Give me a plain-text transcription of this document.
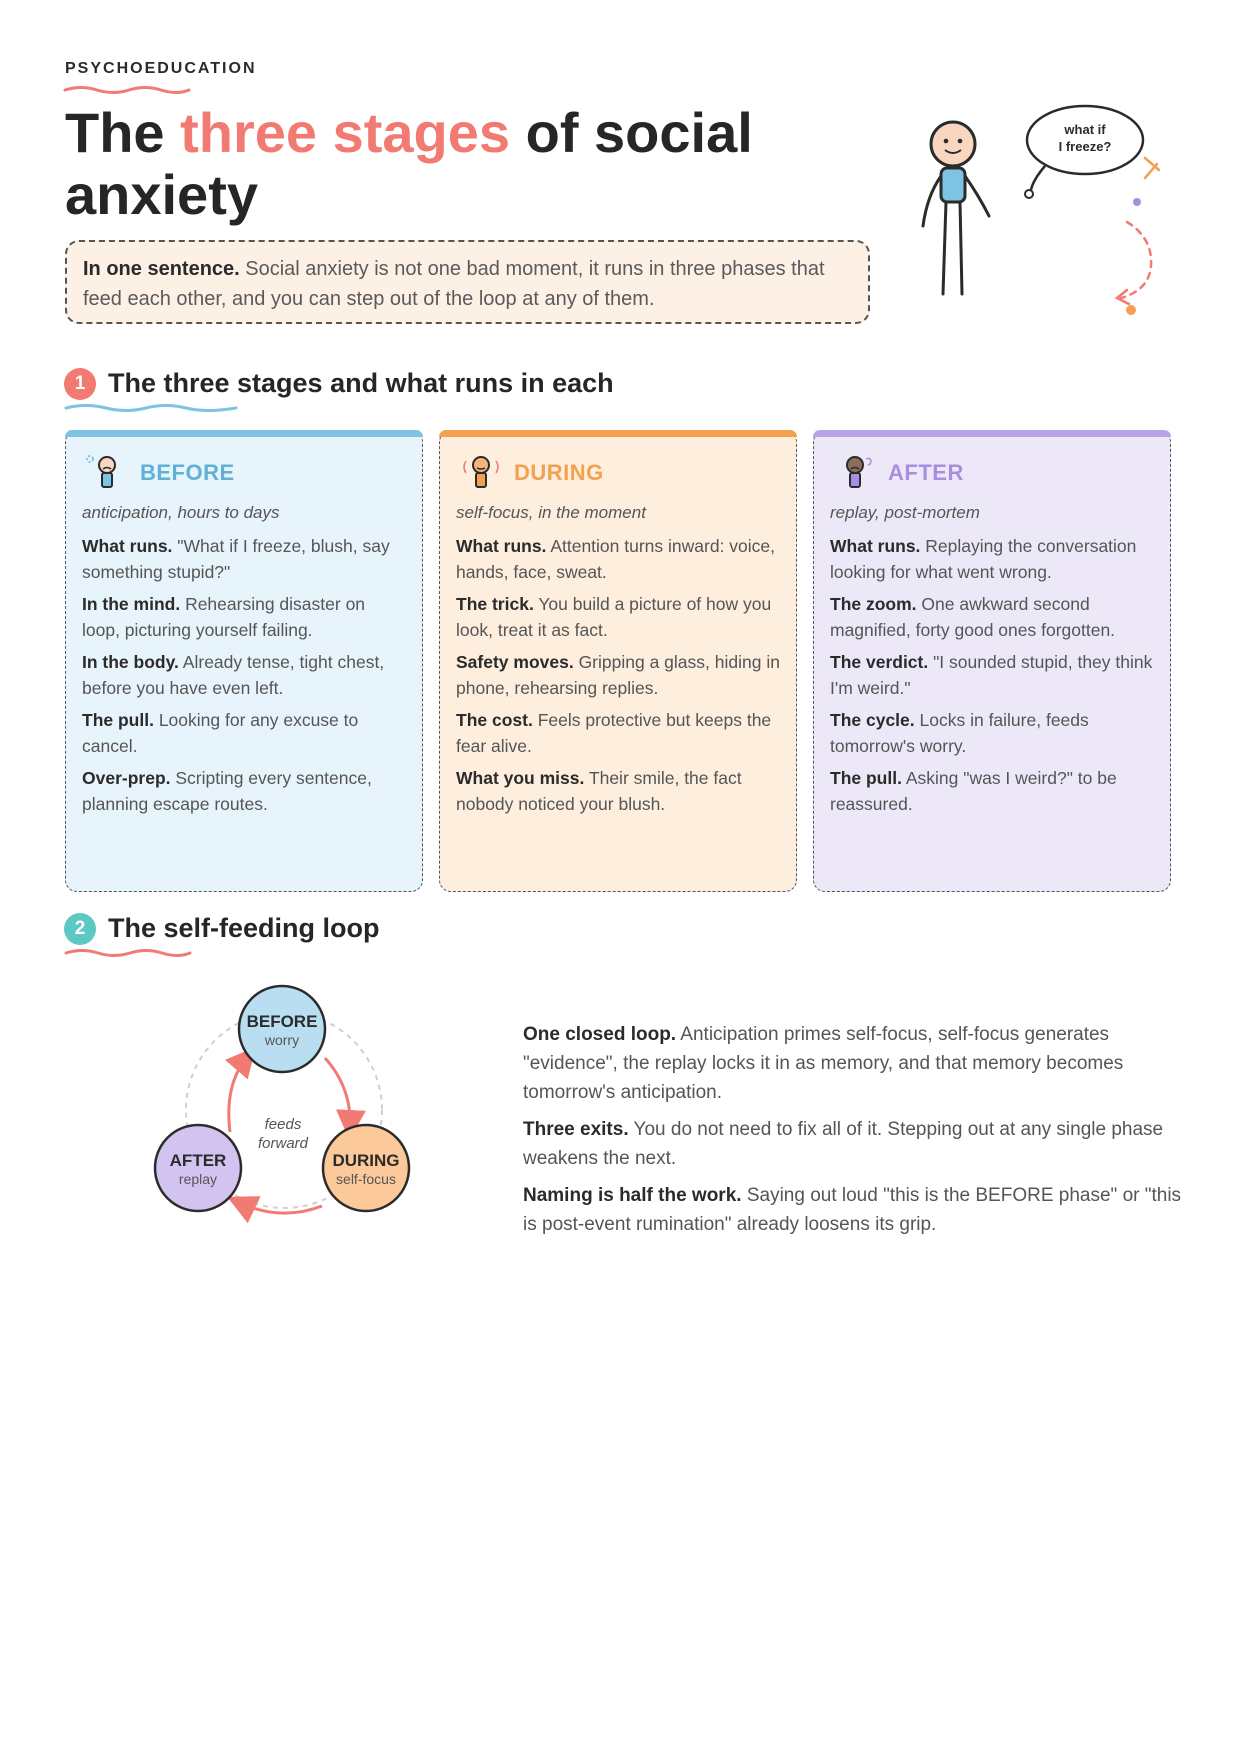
PSYCHOEDUCATION
The three stages of social anxiety
what if
I freeze?
In one sentence. Social anxiety is not one bad moment, it runs in three phases that feed each other, and you can step out of the loop at any of them.
1 The three stages and what runs in each
BEFORE
anticipation, hours to days
What runs. "What if I freeze, blush, say something stupid?"
In the mind. Rehearsing disaster on loop, picturing yourself failing.
In the body. Already tense, tight chest, before you have even left.
The pull. Looking for any excuse to cancel.
Over-prep. Scripting every sentence, planning escape routes.
DURING
self-focus, in the moment
What runs. Attention turns inward: voice, hands, face, sweat.
The trick. You build a picture of how you look, treat it as fact.
Safety moves. Gripping a glass, hiding in phone, rehearsing replies.
The cost. Feels protective but keeps the fear alive.
What you miss. Their smile, the fact nobody noticed your blush.
AFTER
replay, post-mortem
What runs. Replaying the conversation looking for what went wrong.
The zoom. One awkward second magnified, forty good ones forgotten.
The verdict. "I sounded stupid, they think I'm weird."
The cycle. Locks in failure, feeds tomorrow's worry.
The pull. Asking "was I weird?" to be reassured.
2 The self-feeding loop
BEFORE
worry
DURING
self-focus
AFTER
replay
feeds
forward
One closed loop. Anticipation primes self-focus, self-focus generates "evidence", the replay locks it in as memory, and that memory becomes tomorrow's anticipation.
Three exits. You do not need to fix all of it. Stepping out at any single phase weakens the next.
Naming is half the work. Saying out loud "this is the BEFORE phase" or "this is post-event rumination" already loosens its grip.
